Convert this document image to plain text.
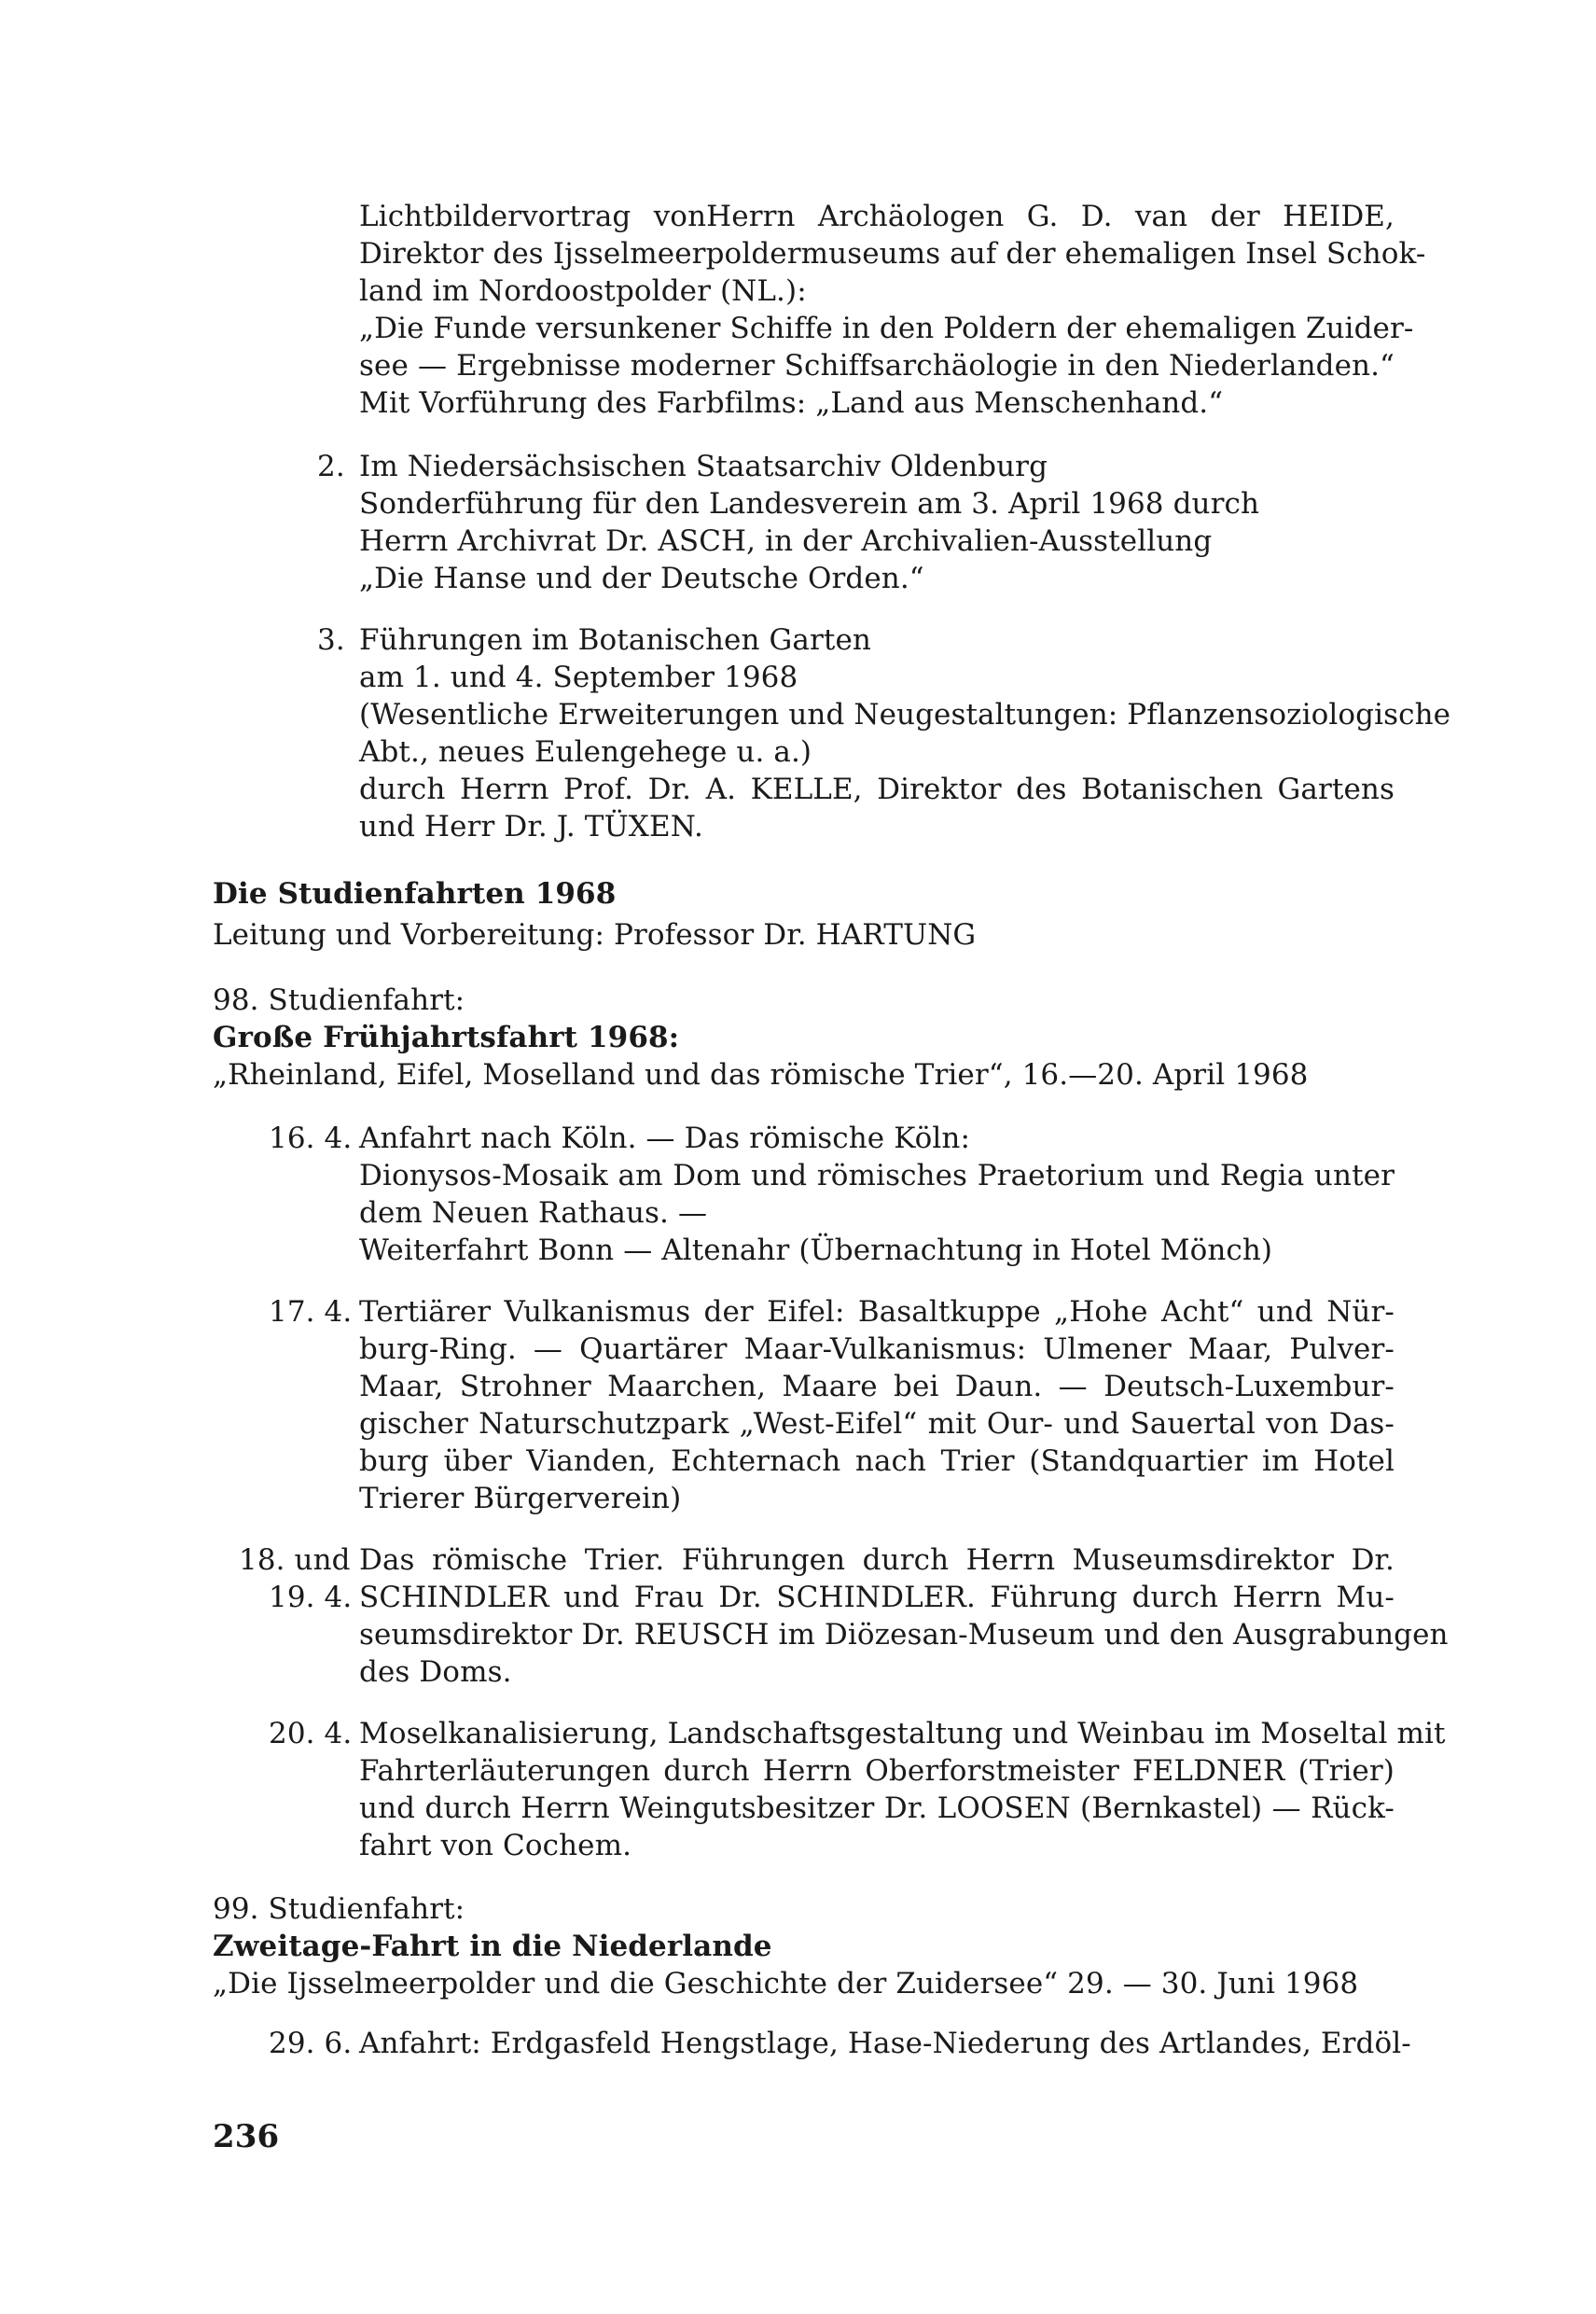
Lichtbildervortrag vonHerrn Archäologen G. D. van der HEIDE,
Direktor des Ijsselmeerpoldermuseums auf der ehemaligen Insel Schok-
land im Nordoostpolder (NL.):
„Die Funde versunkener Schiffe in den Poldern der ehemaligen Zuider-
see — Ergebnisse moderner Schiffsarchäologie in den Niederlanden.“
Mit Vorführung des Farbfilms: „Land aus Menschenhand.“
2. Im Niedersächsischen Staatsarchiv Oldenburg
Sonderführung für den Landesverein am 3. April 1968 durch
Herrn Archivrat Dr. ASCH, in der Archivalien-Ausstellung
„Die Hanse und der Deutsche Orden.“
3. Führungen im Botanischen Garten
am 1. und 4. September 1968
(Wesentliche Erweiterungen und Neugestaltungen: Pflanzensoziologische
Abt., neues Eulengehege u. a.)
durch Herrn Prof. Dr. A. KELLE, Direktor des Botanischen Gartens
und Herr Dr. J. TÜXEN.
Die Studienfahrten 1968
Leitung und Vorbereitung: Professor Dr. HARTUNG
98. Studienfahrt:
Große Frühjahrtsfahrt 1968:
„Rheinland, Eifel, Moselland und das römische Trier“, 16.—20. April 1968
16. 4. Anfahrt nach Köln. — Das römische Köln:
Dionysos-Mosaik am Dom und römisches Praetorium und Regia unter
dem Neuen Rathaus. —
Weiterfahrt Bonn — Altenahr (Übernachtung in Hotel Mönch)
17. 4. Tertiärer Vulkanismus der Eifel: Basaltkuppe „Hohe Acht“ und Nür-
burg-Ring. — Quartärer Maar-Vulkanismus: Ulmener Maar, Pulver-
Maar, Strohner Maarchen, Maare bei Daun. — Deutsch-Luxembur-
gischer Naturschutzpark „West-Eifel“ mit Our- und Sauertal von Das-
burg über Vianden, Echternach nach Trier (Standquartier im Hotel
Trierer Bürgerverein)
18. und
19. 4.
Das römische Trier. Führungen durch Herrn Museumsdirektor Dr.
SCHINDLER und Frau Dr. SCHINDLER. Führung durch Herrn Mu-
seumsdirektor Dr. REUSCH im Diözesan-Museum und den Ausgrabungen
des Doms.
20. 4. Moselkanalisierung, Landschaftsgestaltung und Weinbau im Moseltal mit
Fahrterläuterungen durch Herrn Oberforstmeister FELDNER (Trier)
und durch Herrn Weingutsbesitzer Dr. LOOSEN (Bernkastel) — Rück-
fahrt von Cochem.
99. Studienfahrt:
Zweitage-Fahrt in die Niederlande
„Die Ijsselmeerpolder und die Geschichte der Zuidersee“ 29. — 30. Juni 1968
29. 6. Anfahrt: Erdgasfeld Hengstlage, Hase-Niederung des Artlandes, Erdöl-
236
